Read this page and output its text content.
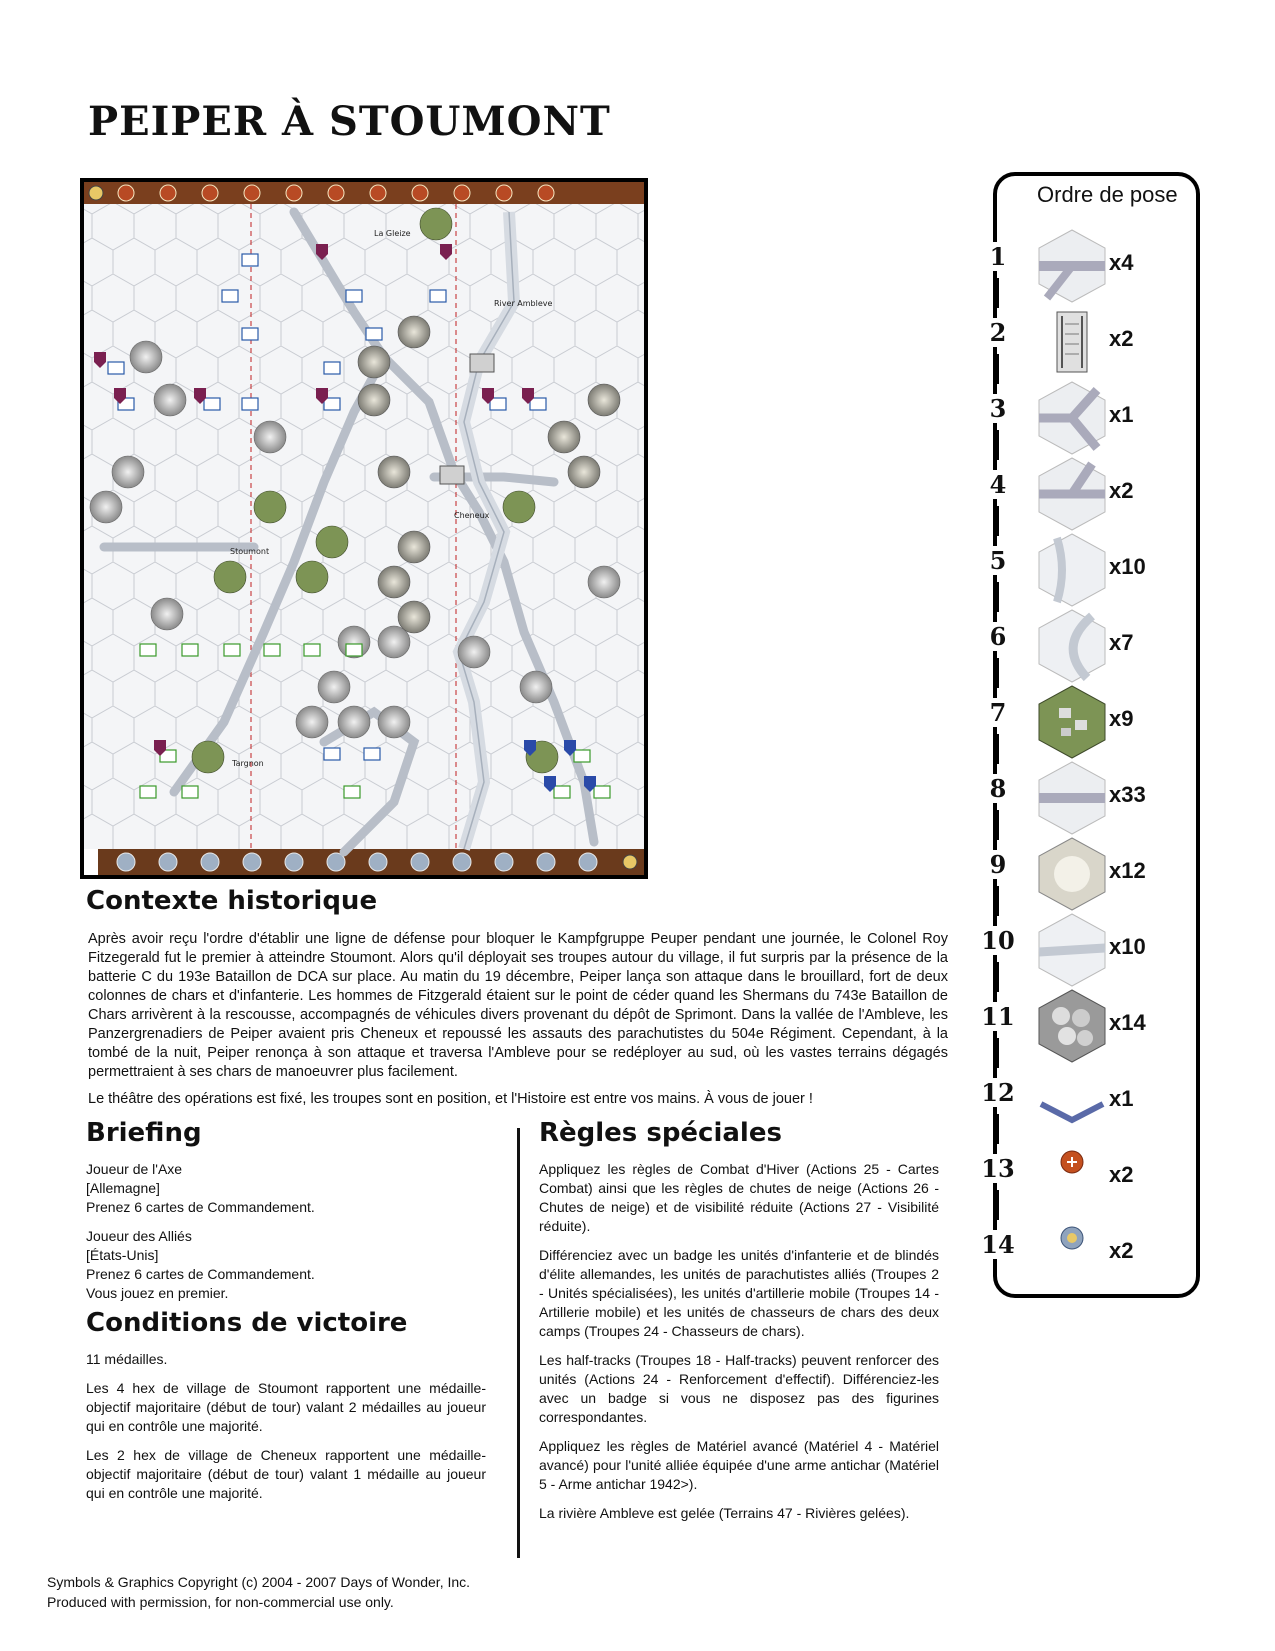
PEIPER À STOUMONT
La Gleize
River Ambleve
Cheneux
Stoumont
Targnon
Contexte historique

Après avoir reçu l'ordre d'établir une ligne de défense pour bloquer le Kampfgruppe Peuper pendant une journée, le Colonel Roy Fitzegerald fut le premier à atteindre Stoumont. Alors qu'il déployait ses troupes autour du village, il fut surpris par la présence de la batterie C du 193e Bataillon de DCA sur place. Au matin du 19 décembre, Peiper lança son attaque dans le brouillard, fort de deux colonnes de chars et d'infanterie. Les hommes de Fitzgerald étaient sur le point de céder quand les Shermans du 743e Bataillon de Chars arrivèrent à la rescousse, accompagnés de véhicules divers provenant du dépôt de Sprimont. Dans la vallée de l'Ambleve, les Panzergrenadiers de Peiper avaient pris Cheneux et repoussé les assauts des parachutistes du 504e Régiment. Cependant, à la tombé de la nuit, Peiper renonça à son attaque et traversa l'Ambleve pour se redéployer au sud, où les vastes terrains dégagés permettraient à ses chars de manoeuvrer plus facilement.

Le théâtre des opérations est fixé, les troupes sont en position, et l'Histoire est entre vos mains. À vous de jouer !

Briefing

Joueur de l'Axe
[Allemagne]
Prenez 6 cartes de Commandement.

Joueur des Alliés
[États-Unis]
Prenez 6 cartes de Commandement.
Vous jouez en premier.

Conditions de victoire

11 médailles.

Les 4 hex de village de Stoumont rapportent une médaille-objectif majoritaire (début de tour) valant 2 médailles au joueur qui en contrôle une majorité.

Les 2 hex de village de Cheneux rapportent une médaille-objectif majoritaire (début de tour) valant 1 médaille au joueur qui en contrôle une majorité.

Règles spéciales

Appliquez les règles de Combat d'Hiver (Actions 25 - Cartes Combat) ainsi que les règles de chutes de neige (Actions 26 - Chutes de neige) et de visibilité réduite (Actions 27 - Visibilité réduite).

Différenciez avec un badge les unités d'infanterie et de blindés d'élite allemandes, les unités de parachutistes alliés (Troupes 2 - Unités spécialisées), les unités d'artillerie mobile (Troupes 14 - Artillerie mobile) et les unités de chasseurs de chars des deux camps (Troupes 24 - Chasseurs de chars).

Les half-tracks (Troupes 18 - Half-tracks) peuvent renforcer des unités (Actions 24 - Renforcement d'effectif). Différenciez-les avec un badge si vous ne disposez pas des figurines correspondantes.

Appliquez les règles de Matériel avancé (Matériel 4 - Matériel avancé) pour l'unité alliée équipée d'une arme antichar (Matériel 5 - Arme antichar 1942>).

La rivière Ambleve est gelée (Terrains 47 - Rivières gelées).

Symbols & Graphics Copyright (c) 2004 - 2007 Days of Wonder, Inc.
Produced with permission, for non-commercial use only.
Ordre de pose
1	x4
2	x2
3	x1
4	x2
5	x10
6	x7
7	x9
8	x33
9	x12
10	x10
11	x14
12	x1
13	x2
14	x2
